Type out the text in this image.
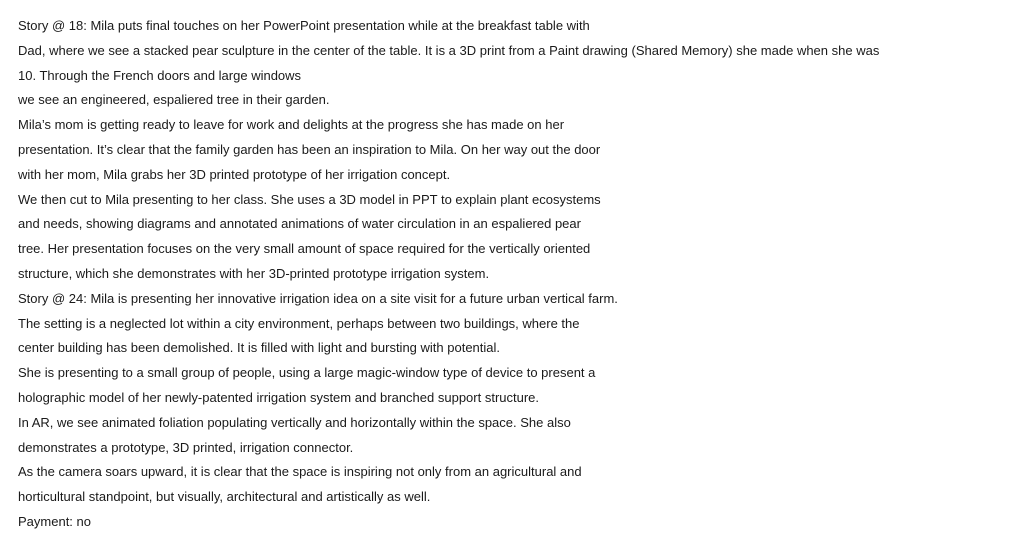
Story @ 18: Mila puts final touches on her PowerPoint presentation while at the breakfast table with
Dad, where we see a stacked pear sculpture in the center of the table. It is a 3D print from a Paint drawing (Shared Memory) she made when she was
10. Through the French doors and large windows
we see an engineered, espaliered tree in their garden.
Mila’s mom is getting ready to leave for work and delights at the progress she has made on her
presentation. It’s clear that the family garden has been an inspiration to Mila. On her way out the door
with her mom, Mila grabs her 3D printed prototype of her irrigation concept.
We then cut to Mila presenting to her class. She uses a 3D model in PPT to explain plant ecosystems
and needs, showing diagrams and annotated animations of water circulation in an espaliered pear
tree. Her presentation focuses on the very small amount of space required for the vertically oriented
structure, which she demonstrates with her 3D-printed prototype irrigation system.
Story @ 24: Mila is presenting her innovative irrigation idea on a site visit for a future urban vertical farm.
The setting is a neglected lot within a city environment, perhaps between two buildings, where the
center building has been demolished. It is filled with light and bursting with potential.
She is presenting to a small group of people, using a large magic-window type of device to present a
holographic model of her newly-patented irrigation system and branched support structure.
In AR, we see animated foliation populating vertically and horizontally within the space. She also
demonstrates a prototype, 3D printed, irrigation connector.
As the camera soars upward, it is clear that the space is inspiring not only from an agricultural and
horticultural standpoint, but visually, architectural and artistically as well.
Payment: no
